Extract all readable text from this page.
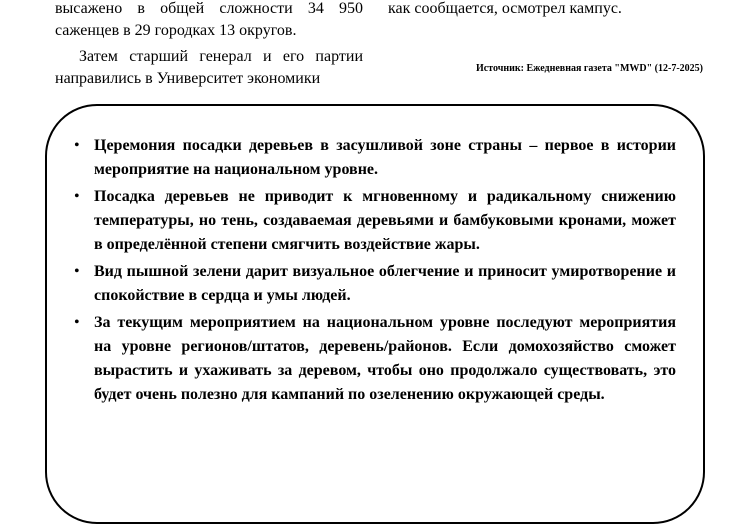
высажено в общей сложности 34 950 саженцев в 29 городках 13 округов.

Затем старший генерал и его партии направились в Университет экономики

как сообщается, осмотрел кампус.
Источник: Ежедневная газета "MWD" (12-7-2025)
• Церемония посадки деревьев в засушливой зоне страны – первое в истории мероприятие на национальном уровне.
• Посадка деревьев не приводит к мгновенному и радикальному снижению температуры, но тень, создаваемая деревьями и бамбуковыми кронами, может в определённой степени смягчить воздействие жары.
• Вид пышной зелени дарит визуальное облегчение и приносит умиротворение и спокойствие в сердца и умы людей.
• За текущим мероприятием на национальном уровне последуют мероприятия на уровне регионов/штатов, деревень/районов. Если домохозяйство сможет вырастить и ухаживать за деревом, чтобы оно продолжало существовать, это будет очень полезно для кампаний по озеленению окружающей среды.
